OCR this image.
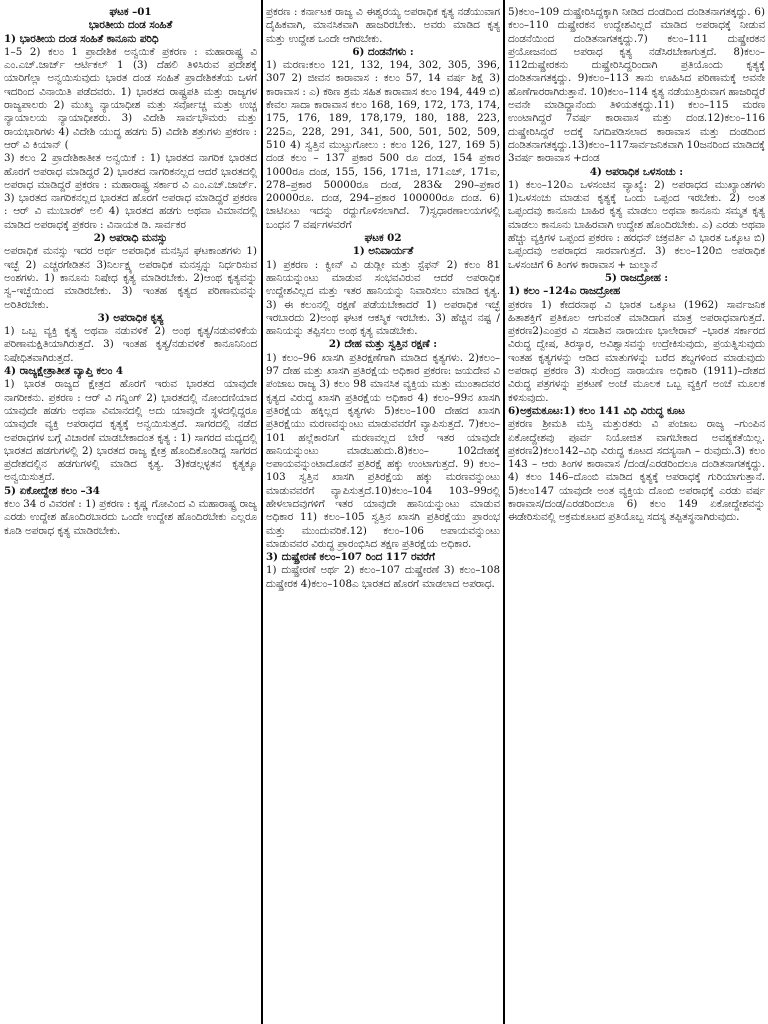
ಘಟಕ –01
ಭಾರತೀಯ ದಂಡ ಸಂಹಿತೆ
1) ಭಾರತೀಯ ದಂಡ ಸಂಹಿತೆ ಕಾನೂನು ಪರಿಧಿ
1–5 2) ಕಲಂ 1 ಪ್ರಾದೇಶಿಕ ಅನ್ವಯಿಕೆ ಪ್ರಕರಣ : ಮಹಾರಾಷ್ಟ್ರ ವಿ ಎಂ.ಎಚ್.ಜಾರ್ಜ್ ಆರ್ಟಿಕಲ್ 1 (3) ದೆಹಲಿ ತಿಳಿಸಿರುವ ಪ್ರದೇಶಕ್ಕೆ ಯಾರಿಗೆಲ್ಲಾ ಅನ್ವಯಿಸುವುದು ಭಾರತ ದಂಡ ಸಂಹಿತೆ ಪ್ರಾದೇಶಿಕತೆಯ ಒಳಗೆ ಇದರಿಂದ ವಿನಾಯಿತಿ ಪಡೆದವರು. 1) ಭಾರತದ ರಾಷ್ಟ್ರಪತಿ ಮತ್ತು ರಾಜ್ಯಗಳ ರಾಜ್ಯಪಾಲರು 2) ಮುಖ್ಯ ನ್ಯಾಯಾಧೀಶ ಮತ್ತು ಸರ್ವೋಚ್ಚ ಮತ್ತು ಉಚ್ಚ ನ್ಯಾಯಾಲಯ ನ್ಯಾಯಾಧೀಶರು. 3) ವಿದೇಶಿ ಸಾರ್ವಭೌಮರು ಮತ್ತು ರಾಯಭಾರಿಗಳು 4) ವಿದೇಶಿ ಯುದ್ಧ ಹಡಗು 5) ವಿದೇಶಿ ಶತ್ರುಗಳು ಪ್ರಕರಣ : ಆರ್ ವಿ ಕಿಯಾನ್ (
3) ಕಲಂ 2 ಪ್ರಾದೇಶಿಕಾತೀತ ಅನ್ವಯಿಕೆ : 1) ಭಾರತದ ನಾಗರಿಕ ಭಾರತದ ಹೊರಗೆ ಅಪರಾಧ ಮಾಡಿದ್ದರೆ 2) ಭಾರತದ ನಾಗರಿಕನಲ್ಲದ ಆದರೆ ಭಾರತದಲ್ಲಿ ಅಪರಾಧ ಮಾಡಿದ್ದರೆ ಪ್ರಕರಣ : ಮಹಾರಾಷ್ಟ್ರ ಸರ್ಕಾರ ವಿ ಎಂ.ಎಚ್.ಜಾರ್ಜ್. 3) ಭಾರತದ ನಾಗರಿಕನಲ್ಲದ ಭಾರತದ ಹೊರಗೆ ಅಪರಾಧ ಮಾಡಿದ್ದರೆ ಪ್ರಕರಣ : ಆರ್ ವಿ ಮುಬಾರಕ್ ಅಲಿ 4) ಭಾರತದ ಹಡಗು ಅಥವಾ ವಿಮಾನದಲ್ಲಿ ಮಾಡಿದ ಅಪರಾಧಕ್ಕೆ ಪ್ರಕರಣ : ವಿನಾಯಕ ಡಿ. ಸಾರ್ವಕರ
2) ಅಪರಾಧಿ ಮನಸ್ಸು
ಅಪರಾಧಿಕ ಮನಸ್ಸು ಇದರ ಅರ್ಥ ಅಪರಾಧಿಕ ಮನಸ್ಸಿನ ಘಟಕಾಂಶಗಳು 1) ಇಚ್ಛೆ 2) ಎಚ್ಚರಗೇಡಿತನ 3)ನಿರ್ಲಕ್ಷ್ಯ ಅಪರಾಧಿಕ ಮನಸ್ಸನ್ನು ನಿರ್ಧರಿಸುವ ಅಂಶಗಳು. 1) ಕಾನೂನು ನಿಷೇಧ ಕೃತ್ಯ ಮಾಡಿರಬೇಕು. 2)ಆಂಥ ಕೃತ್ಯವನ್ನು ಸ್ವ–ಇಚ್ಛೆಯಿಂದ ಮಾಡಿರಬೇಕು. 3) ಇಂತಹ ಕೃತ್ಯದ ಪರಿಣಾಮವನ್ನು ಅರಿತಿರಬೇಕು.
3) ಅಪರಾಧಿಕ ಕೃತ್ಯ
1) ಒಬ್ಬ ವ್ಯಕ್ತಿ ಕೃತ್ಯ ಅಥವಾ ನಡುವಳಿಕೆ 2) ಅಂಥ ಕೃತ್ಯ/ನಡುವಳಿಕೆಯ ಪರಿಣಾಮಕ್ಷಿತಿಯಾಗಿರುತ್ತದೆ. 3) ಇಂತಹ ಕೃತ್ಯ/ನಡುವಳಿಕೆ ಕಾನೂನಿನಿಂದ ನಿಷೇಧಿತವಾಗಿರುತ್ತದೆ.
4) ರಾಜ್ಯಕ್ಷೇತ್ರಾತೀತ ವ್ಯಾಪ್ತಿ ಕಲಂ 4
1) ಭಾರತ ರಾಜ್ಯದ ಕ್ಷೇತ್ರದ ಹೊರಗೆ ಇರುವ ಭಾರತದ ಯಾವುದೇ ನಾಗರೀಕನು. ಪ್ರಕರಣ : ಆರ್ ವಿ ಗನ್ನಿಂಗ್ 2) ಭಾರತದಲ್ಲಿ ನೋಂದಣಿಯಾದ ಯಾವುದೇ ಹಡಗು ಅಥವಾ ವಿಮಾನದಲ್ಲಿ ಅದು ಯಾವುದೇ ಸ್ಥಳದಲ್ಲಿದ್ದರೂ ಯಾವುದೇ ವ್ಯಕ್ತಿ ಅಪರಾಧದ ಕೃತ್ಯಕ್ಕೆ ಅನ್ವಯಿಸುತ್ತದೆ. ಸಾಗರದಲ್ಲಿ ನಡೆದ ಅಪರಾಧಗಳ ಬಗ್ಗೆ ವಿಚಾರಣೆ ಮಾಡಬೇಕಾದಂತ ಕೃತ್ಯ : 1) ಸಾಗರದ ಮಧ್ಯದಲ್ಲಿ ಭಾರತದ ಹಡಗುಗಳಲ್ಲಿ 2) ಭಾರತದ ರಾಜ್ಯ ಕ್ಷೇತ್ರ ಹೊಂದಿಕೊಂಡಿದ್ದ ಸಾಗರದ ಪ್ರದೇಶದಲ್ಲಿನ ಹಡಗುಗಳಲ್ಲಿ ಮಾಡಿದ ಕೃತ್ಯ. 3)ಕಡಲ್ಗಳ್ಳತನ ಕೃತ್ಯಕ್ಕೂ ಅನ್ವಯಿಸುತ್ತದೆ.
5) ಏಕೋದ್ದೇಶ ಕಲಂ –34
ಕಲಂ 34 ರ ವಿವರಣೆ : 1) ಪ್ರಕರಣ : ಕೃಷ್ಣ ಗೋವಿಂದ ವಿ ಮಹಾರಾಷ್ಟ್ರ ರಾಜ್ಯ ಎರಡು ಉದ್ದೇಶ ಹೊಂದಿರಬಾರದು ಒಂದೇ ಉದ್ದೇಶ ಹೊಂದಿರಬೇಕು ಎಲ್ಲರೂ ಕೂಡಿ ಅಪರಾಧ ಕೃತ್ಯ ಮಾಡಿರಬೇಕು.
ಪ್ರಕರಣ : ಕರ್ನಾಟಕ ರಾಜ್ಯ ವಿ ಈಶ್ವರಯ್ಯ ಅಪರಾಧಿಕ ಕೃತ್ಯ ನಡೆಯುವಾಗ ದೈಹಿಕವಾಗಿ, ಮಾನಸಿಕವಾಗಿ ಹಾಜರಿರಬೇಕು. ಅವರು ಮಾಡಿದ ಕೃತ್ಯ ಮತ್ತು ಉದ್ದೇಶ ಒಂದೇ ಆಗಿರಬೇಕು.
6) ದಂಡನೆಗಳು :
1) ಮರಣ:ಕಲಂ 121, 132, 194, 302, 305, 396, 307 2) ಜೀವನ ಕಾರಾವಾಸ : ಕಲಂ 57, 14 ವರ್ಷ ಶಿಕ್ಷೆ 3) ಕಾರಾವಾಸ : ಎ) ಕಠಿಣ ಶ್ರಮ ಸಹಿತ ಕಾರಾವಾಸ ಕಲಂ 194, 449 ಬಿ) ಕೇವಲ ಸಾದಾ ಕಾರಾವಾಸ ಕಲಂ 168, 169, 172, 173, 174, 175, 176, 189, 178,179, 180, 188, 223, 225ಎ, 228, 291, 341, 500, 501, 502, 509, 510 4) ಸ್ವತ್ತಿನ ಮುಟ್ಟುಗೋಲು : ಕಲಂ 126, 127, 169 5) ದಂಡ ಕಲಂ – 137 ಪ್ರಕಾರ 500 ರೂ ದಂಡ, 154 ಪ್ರಕಾರ 1000ರೂ ದಂಡ, 155, 156, 171ಜಿ, 171ಎಚ್, 171ಐ, 278–ಪ್ರಕಾರ 50000ರೂ ದಂಡ, 283& 290–ಪ್ರಕಾರ 20000ರೂ. ದಂಡ, 294–ಪ್ರಕಾರ 100000ರೂ ದಂಡ. 6) ಚಾಟಿಏಟು ಇದನ್ನು ರದ್ದುಗೊಳಿಸಲಾಗಿದೆ. 7)ಸ್ವಧಾರಣಾಲಯಗಳಲ್ಲಿ ಬಂಧನ 7 ವರ್ಷಗಳವರೆಗೆ
ಘಟಕ 02
1) ಅನಿವಾರ್ಯತೆ
1) ಪ್ರಕರಣ : ಕ್ವೀನ್ ವಿ ಡುಡ್ಲೀ ಮತ್ತು ಸ್ಟೆಫನ್ 2) ಕಲಂ 81 ಹಾನಿಯನ್ನುಂಟು ಮಾಡುವ ಸಂಭವವಿರುವ ಆದರೆ ಅಪರಾಧಿಕ ಉದ್ದೇಶವಿಲ್ಲದ ಮತ್ತು ಇತರ ಹಾನಿಯನ್ನು ನಿವಾರಿಸಲು ಮಾಡಿದ ಕೃತ್ಯ. 3) ಈ ಕಲಂನಲ್ಲಿ ರಕ್ಷಣೆ ಪಡೆಯಬೇಕಾದರೆ 1) ಅಪರಾಧಿಕ ಇಚ್ಛೆ ಇರಬಾರದು 2)ಅಂಥ ಘಟಕ ಆಕಸ್ಮಿಕ ಇರಬೇಕು. 3) ಹೆಚ್ಚಿನ ನಷ್ಟ / ಹಾನಿಯನ್ನು ತಪ್ಪಿಸಲು ಅಂಥ ಕೃತ್ಯ ಮಾಡಬೇಕು.
2) ದೇಹ ಮತ್ತು ಸ್ವತ್ತಿನ ರಕ್ಷಣೆ :
1) ಕಲಂ–96 ಖಾಸಗಿ ಪ್ರತಿರಕ್ಷಣೆಗಾಗಿ ಮಾಡಿದ ಕೃತ್ಯಗಳು. 2)ಕಲಂ–97 ದೇಹ ಮತ್ತು ಖಾಸಗಿ ಪ್ರತಿರಕ್ಷೆಯ ಅಧಿಕಾರ ಪ್ರಕರಣ: ಜಯದೇವ ವಿ ಪಂಜಾಬ ರಾಜ್ಯ 3) ಕಲಂ 98 ಮಾನಸಿಕ ವ್ಯಕ್ತಿಯ ಮತ್ತು ಮುಂತಾದವರ ಕೃತ್ಯದ ವಿರುದ್ಧ ಖಾಸಗಿ ಪ್ರತಿರಕ್ಷೆಯ ಅಧಿಕಾರ 4) ಕಲಂ–99ನ ಖಾಸಗಿ ಪ್ರತಿರಕ್ಷೆಯ ಹಕ್ಕಿಲ್ಲದ ಕೃತ್ಯಗಳು 5)ಕಲಂ–100 ದೇಹದ ಖಾಸಗಿ ಪ್ರತಿರಕ್ಷೆಯು ಮರಣವನ್ನುಂಟು ಮಾಡುವವರೆಗೆ ವ್ಯಾಪಿಸುತ್ತದೆ. 7)ಕಲಂ– 101 ಹಲ್ಲೆಕಾರನಿಗೆ ಮರಣವಲ್ಲದ ಬೇರೆ ಇತರ ಯಾವುದೇ ಹಾನಿಯನ್ನುಂಟು ಮಾಡಬಹುದು.8)ಕಲಂ– 102ದೇಹಕ್ಕೆ ಅಪಾಯವನ್ನುಂಟಾದೊಡನೆ ಪ್ರತಿರಕ್ಷೆ ಹಕ್ಕು ಉಂಟಾಗುತ್ತದೆ. 9) ಕಲಂ–103 ಸ್ವತ್ತಿನ ಖಾಸಗಿ ಪ್ರತಿರಕ್ಷೆಯ ಹಕ್ಕು ಮರಣವನ್ನುಂಟು ಮಾಡುವವರೆಗೆ ವ್ಯಾಪಿಸುತ್ತದೆ.10)ಕಲಂ–104 103–99ರಲ್ಲಿ ಹೇಳಲಾದವುಗಳಿಗೆ ಇತರ ಯಾವುದೇ ಹಾನಿಯನ್ನುಂಟು ಮಾಡುವ ಅಧಿಕಾರ 11) ಕಲಂ–105 ಸ್ವತ್ತಿನ ಖಾಸಗಿ ಪ್ರತಿರಕ್ಷೆಯು ಪ್ರಾರಂಭ ಮತ್ತು ಮುಂದುವರಿಕೆ.12) ಕಲಂ–106 ಅಪಾಯವನ್ನುಂಟು ಮಾಡುವವರ ವಿರುದ್ಧ ಪ್ರಾರಂಭಿಸಿದ ತಕ್ಷಣ ಪ್ರತಿರಕ್ಷೆಯ ಅಧಿಕಾರ.
3) ದುಷ್ಪ್ರೇರಣೆ ಕಲಂ–107 ರಿಂದ 117 ರವರೆಗೆ
1) ದುಷ್ಪ್ರೇರಣೆ ಅರ್ಥ 2) ಕಲಂ–107 ದುಷ್ಪ್ರೇರಣೆ 3) ಕಲಂ–108 ದುಷ್ಪ್ರೇರಕ 4)ಕಲಂ–108ಎ ಭಾರತದ ಹೊರಗೆ ಮಾಡಲಾದ ಅಪರಾಧ.
5)ಕಲಂ–109 ದುಷ್ಪ್ರೇರಿಸಿದ್ದಕ್ಕಾಗಿ ನೀಡಿದ ದಂಡದಿಂದ ದಂಡಿತನಾಗತಕ್ಕದ್ದು. 6) ಕಲಂ–110 ದುಷ್ಪ್ರೇರಕನ ಉದ್ದೇಶವಿಲ್ಲದೆ ಮಾಡಿದ ಅಪರಾಧಕ್ಕೆ ನೀಡುವ ದಂಡನೆಯಿಂದ ದಂಡಿತನಾಗತಕ್ಕದ್ದು.7) ಕಲಂ–111 ದುಷ್ಪ್ರೇರಕನ ಪ್ರಯೋಜನಂದ ಅಪರಾಧ ಕೃತ್ಯ ನಡೆಸಿರಬೇಕಾಗುತ್ತದೆ. 8)ಕಲಂ–112ದುಷ್ಪ್ರೇರಕನು ದುಷ್ಪ್ರೇರಿಸಿದ್ದರಿಂದಾಗಿ ಪ್ರತಿಯೊಂದು ಕೃತ್ಯಕ್ಕೆ ದಂಡಿತನಾಗತಕ್ಕದ್ದು. 9)ಕಲಂ–113 ತಾನು ಊಹಿಸಿದ ಪರಿಣಾಮಕ್ಕೆ ಅವನೇ ಹೊಣೆಗಾರರಾಗಿರುತ್ತಾನೆ. 10)ಕಲಂ–114 ಕೃತ್ಯ ನಡೆಯುತ್ತಿರುವಾಗ ಹಾಜರಿದ್ದರೆ ಅವನೇ ಮಾಡಿದ್ದಾನೆಂದು ತಿಳಿಯತಕ್ಕದ್ದು.11) ಕಲಂ–115 ಮರಣ ಉಂಟಾಗಿದ್ದರೆ 7ವರ್ಷ ಕಾರಾವಾಸ ಮತ್ತು ದಂಡ.12)ಕಲಂ–116 ದುಷ್ಪ್ರೇರಿಸಿದ್ದರೆ ಅದಕ್ಕೆ ನಿಗದಿಪಡಿಸಲಾದ ಕಾರಾವಾಸ ಮತ್ತು ದಂಡದಿಂದ ದಂಡಿತನಾಗತಕ್ಕದ್ದು.13)ಕಲಂ–117ಸಾರ್ವಜನಿಕವಾಗಿ 10ಜನರಿಂದ ಮಾಡಿದಕ್ಕೆ 3ವರ್ಷ ಕಾರಾವಾಸ +ದಂಡ
4) ಅಪರಾಧಿಕ ಒಳಸಂಚು :
1) ಕಲಂ–120ಎ ಒಳಸಂಚಿನ ವ್ಯಾಖ್ಯೆ: 2) ಅಪರಾಧದ ಮುಖ್ಯಾಂಶಗಳು 1)ಒಳಸಂಚು ಮಾಡುವ ಕೃತ್ಯಕ್ಕೆ ಒಂದು ಒಪ್ಪಂದ ಇರಬೇಕು. 2) ಅಂತ ಒಪ್ಪಂದವು ಕಾನೂನು ಬಾಹಿರ ಕೃತ್ಯ ಮಾಡಲು ಅಥವಾ ಕಾನೂನು ಸಮ್ಮತ ಕೃತ್ಯ ಮಾಡಲು ಕಾನೂನು ಬಾಹಿರವಾಗಿ ಉದ್ದೇಶ ಹೊಂದಿರಬೇಕು. ಎ) ಎರಡು ಅಥವಾ ಹೆಚ್ಚು ವ್ಯಕ್ತಿಗಳ ಒಪ್ಪಂದ ಪ್ರಕರಣ : ಹರಧನ್ ಚಕ್ರವರ್ತಿ ವಿ ಭಾರತ ಒಕ್ಕೂಟ ಬಿ) ಒಪ್ಪಂದವು ಅಪರಾಧದ ಸಾರವಾಗುತ್ತದೆ. 3) ಕಲಂ–120ಬಿ ಅಪರಾಧಿಕ ಒಳಸಂಚಿಗೆ 6 ತಿಂಗಳ ಕಾರಾವಾಸ + ಜುಲ್ಮಾನೆ
5) ರಾಜದ್ರೋಹ :
1) ಕಲಂ –124ಎ ರಾಜದ್ರೋಹ
ಪ್ರಕರಣ 1) ಕೇದರನಾಥ ವಿ ಭಾರತ ಒಕ್ಕೂಟ (1962) ಸಾರ್ವಜನಿಕ ಹಿತಾಶಕ್ತಿಗೆ ಪ್ರತಿಕೂಲ ಆಗುವಂತೆ ಮಾಡಿದಾಗ ಮಾತ್ರ ಅಪರಾಧವಾಗುತ್ತದೆ. ಪ್ರಕರಣ2)ಎಂಪ್ರರ ವಿ ಸದಾಶಿವ ನಾರಾಯಣ ಭಾಲೇರಾವ್ –ಭಾರತ ಸರ್ಕಾರದ ವಿರುದ್ಧ ದ್ವೇಷ, ತಿರಸ್ಕಾರ, ಅವಿಶ್ವಾಸವನ್ನು ಉದ್ರೇಕಿಸುವುದು, ಪ್ರಯತ್ನಿಸುವುದು ಇಂತಹ ಕೃತ್ಯಗಳನ್ನು ಆಡಿದ ಮಾತುಗಳನ್ನು ಬರೆದ ಶಬ್ದಗಳಿಂದ ಮಾಡುವುದು ಅಪರಾಧ ಪ್ರಕರಣ 3) ಸುರೇಂದ್ರ ನಾರಾಯಣ ಅಧಿಕಾರಿ (1911)–ದೇಶದ ವಿರುದ್ಧ ಪತ್ರಗಳನ್ನು ಪ್ರಕಟಣೆ ಅಂಚೆ ಮೂಲಕ ಒಬ್ಬ ವ್ಯಕ್ತಿಗೆ ಅಂಚೆ ಮೂಲಕ ಕಳಿಸುವುದು.
6)ಅಕ್ರಮಕೂಟ:1) ಕಲಂ 141 ವಿಧಿ ವಿರುದ್ಧ ಕೂಟ
ಪ್ರಕರಣ ಶ್ರೀಮತಿ ಮಸ್ತಿ ಮತ್ತುರತರು ವಿ ಪಂಜಾಬ ರಾಜ್ಯ –ಗುಂಪಿನ ಏಕೋದ್ದೇಶವು ಪೂರ್ವ ನಿಯೋಜಿತ ವಾಗಬೇಕಾದ ಅವಶ್ಯಕತೆಯಿಲ್ಲ. ಪ್ರಕರಣ2)ಕಲಂ142–ವಿಧಿ ವಿರುದ್ಧ ಕೂಟದ ಸದಸ್ಯನಾಗಿ – ರುವುದು.3) ಕಲಂ 143 – ಆರು ತಿಂಗಳ ಕಾರಾವಾಸ /ದಂಡ/ಎರಡರಿಂದಲೂ ದಂಡಿತನಾಗತಕ್ಕದ್ದು. 4) ಕಲಂ 146–ದೊಂಬಿ ಮಾಡಿದ ಕೃತ್ಯಕ್ಕೆ ಅಪರಾಧಕ್ಕೆ ಗುರಿಯಾಗುತ್ತಾನೆ. 5)ಕಲಂ147 ಯಾವುದೇ ಅಂತ ವ್ಯಕ್ತಿಯ ದೊಂಬಿ ಅಪರಾಧಕ್ಕೆ ಎರಡು ವರ್ಷ ಕಾರಾವಾಸ/ದಂಡ/ಎರಡರಿಂದಲೂ 6) ಕಲಂ 149 ಏಕೋದ್ದೇಶವನ್ನು ಈಡೇರಿಸುವಲ್ಲಿ ಅಕ್ರಮಕೂಟದ ಪ್ರತಿಯೊಬ್ಬ ಸದಸ್ಯ ತಪ್ಪಿತಸ್ಥನಾಗಿರುವುದು.
